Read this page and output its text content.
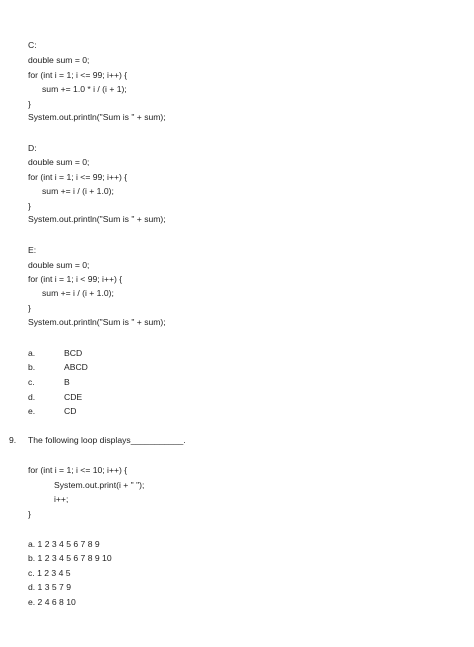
C:
double sum = 0;
for (int i = 1; i <= 99; i++) {
sum += 1.0 * i / (i + 1);
}
System.out.println("Sum is " + sum);
D:
double sum = 0;
for (int i = 1; i <= 99; i++) {
sum += i / (i + 1.0);
}
System.out.println("Sum is " + sum);
E:
double sum = 0;
for (int i = 1; i < 99; i++) {
sum += i / (i + 1.0);
}
System.out.println("Sum is " + sum);
a.	BCD
b.	ABCD
c.	B
d.	CDE
e.	CD
9. The following loop displays___________.
for (int i = 1; i <= 10; i++) {
System.out.print(i + " ");
i++;
}
a. 1 2 3 4 5 6 7 8 9
b. 1 2 3 4 5 6 7 8 9 10
c. 1 2 3 4 5
d. 1 3 5 7 9
e. 2 4 6 8 10
